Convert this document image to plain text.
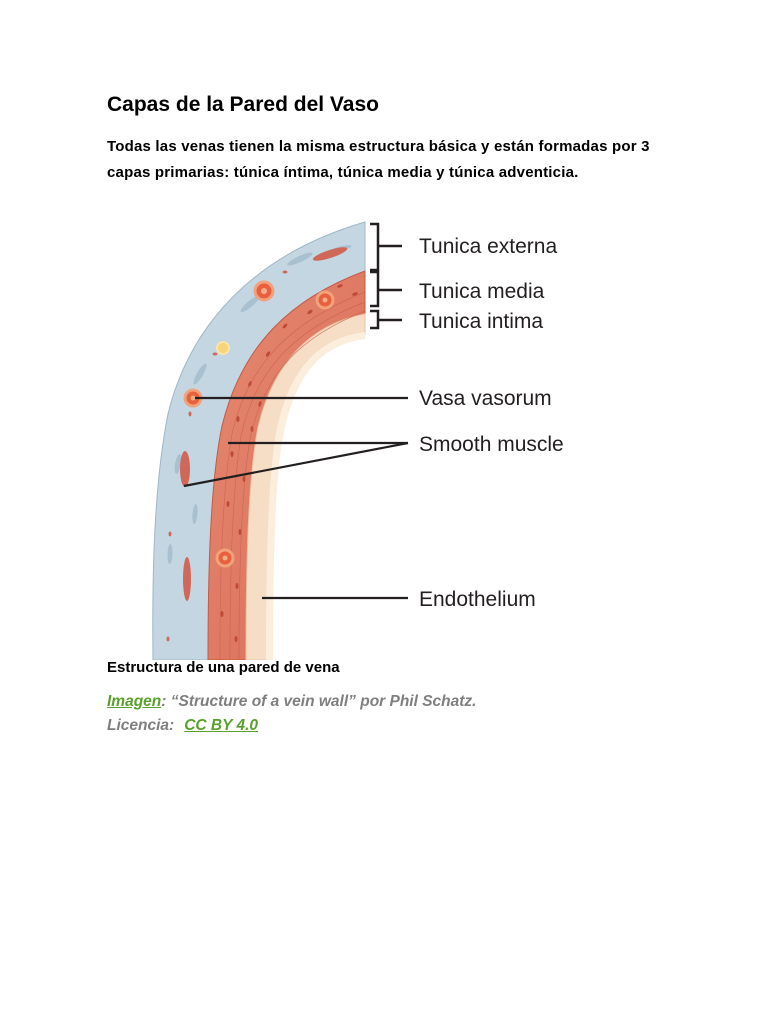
Capas de la Pared del Vaso

Todas las venas tienen la misma estructura básica y están formadas por 3 capas primarias: túnica íntima, túnica media y túnica adventicia.

Tunica externa
Tunica media
Tunica intima
Vasa vasorum
Smooth muscle
Endothelium

Estructura de una pared de vena

Imagen: “Structure of a vein wall” por Phil Schatz.
Licencia: CC BY 4.0
